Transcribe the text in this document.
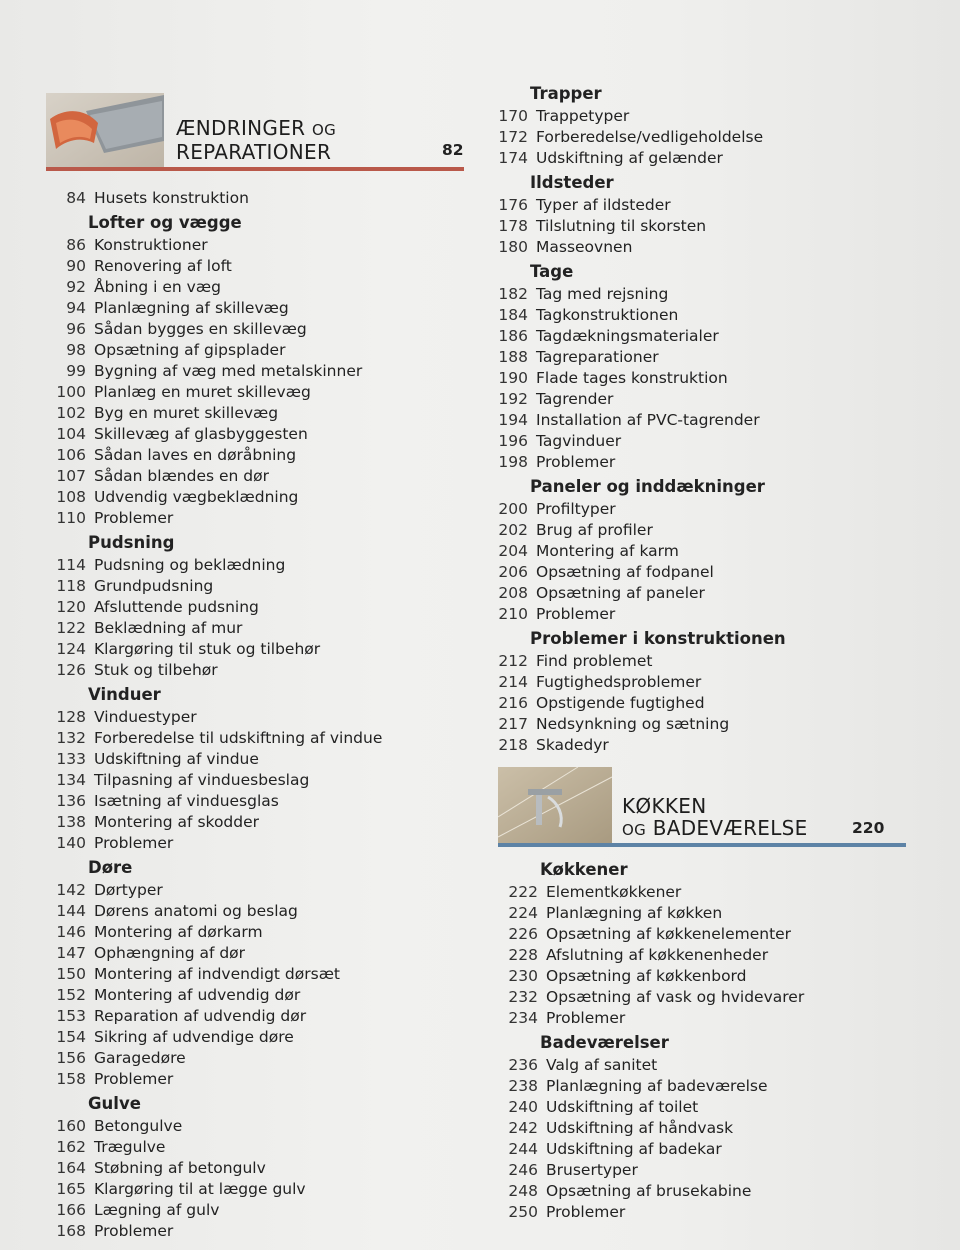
ÆNDRINGER OG
REPARATIONER	82
KØKKEN
OG BADEVÆRELSE	220
84 Husets konstruktion
Lofter og vægge
86 Konstruktioner
90 Renovering af loft
92 Åbning i en væg
94 Planlægning af skillevæg
96 Sådan bygges en skillevæg
98 Opsætning af gipsplader
99 Bygning af væg med metalskinner
100 Planlæg en muret skillevæg
102 Byg en muret skillevæg
104 Skillevæg af glasbyggesten
106 Sådan laves en døråbning
107 Sådan blændes en dør
108 Udvendig vægbeklædning
110 Problemer
Pudsning
114 Pudsning og beklædning
118 Grundpudsning
120 Afsluttende pudsning
122 Beklædning af mur
124 Klargøring til stuk og tilbehør
126 Stuk og tilbehør
Vinduer
128 Vinduestyper
132 Forberedelse til udskiftning af vindue
133 Udskiftning af vindue
134 Tilpasning af vinduesbeslag
136 Isætning af vinduesglas
138 Montering af skodder
140 Problemer
Døre
142 Dørtyper
144 Dørens anatomi og beslag
146 Montering af dørkarm
147 Ophængning af dør
150 Montering af indvendigt dørsæt
152 Montering af udvendig dør
153 Reparation af udvendig dør
154 Sikring af udvendige døre
156 Garagedøre
158 Problemer
Gulve
160 Betongulve
162 Trægulve
164 Støbning af betongulv
165 Klargøring til at lægge gulv
166 Lægning af gulv
168 Problemer
Trapper
170 Trappetyper
172 Forberedelse/vedligeholdelse
174 Udskiftning af gelænder
Ildsteder
176 Typer af ildsteder
178 Tilslutning til skorsten
180 Masseovnen
Tage
182 Tag med rejsning
184 Tagkonstruktionen
186 Tagdækningsmaterialer
188 Tagreparationer
190 Flade tages konstruktion
192 Tagrender
194 Installation af PVC-tagrender
196 Tagvinduer
198 Problemer
Paneler og inddækninger
200 Profiltyper
202 Brug af profiler
204 Montering af karm
206 Opsætning af fodpanel
208 Opsætning af paneler
210 Problemer
Problemer i konstruktionen
212 Find problemet
214 Fugtighedsproblemer
216 Opstigende fugtighed
217 Nedsynkning og sætning
218 Skadedyr
Køkkener
222 Elementkøkkener
224 Planlægning af køkken
226 Opsætning af køkkenelementer
228 Afslutning af køkkenenheder
230 Opsætning af køkkenbord
232 Opsætning af vask og hvidevarer
234 Problemer
Badeværelser
236 Valg af sanitet
238 Planlægning af badeværelse
240 Udskiftning af toilet
242 Udskiftning af håndvask
244 Udskiftning af badekar
246 Brusertyper
248 Opsætning af brusekabine
250 Problemer
